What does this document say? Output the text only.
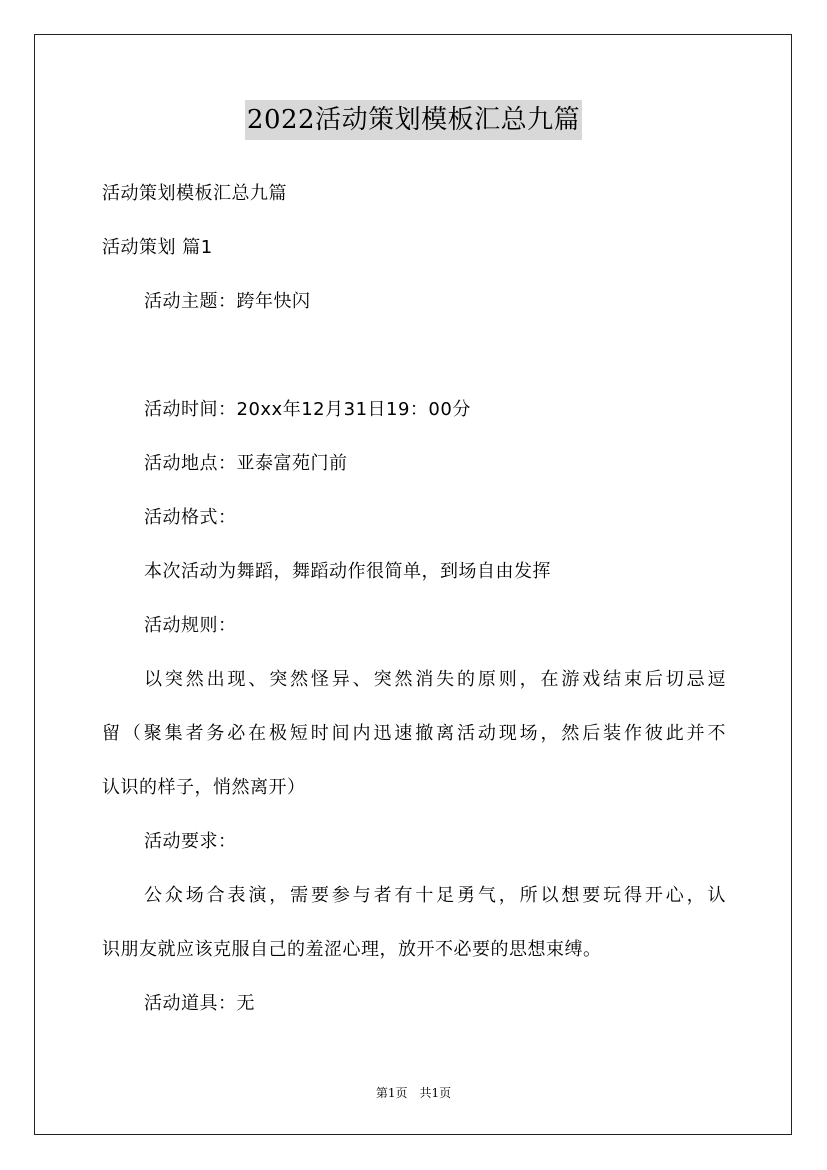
2022活动策划模板汇总九篇
活动策划模板汇总九篇
活动策划 篇1
活动主题：跨年快闪
活动时间：20xx年12月31日19：00分
活动地点：亚泰富苑门前
活动格式：
本次活动为舞蹈，舞蹈动作很简单，到场自由发挥
活动规则：
以突然出现、突然怪异、突然消失的原则，在游戏结束后切忌逗
留（聚集者务必在极短时间内迅速撤离活动现场，然后装作彼此并不
认识的样子，悄然离开）
活动要求：
公众场合表演，需要参与者有十足勇气，所以想要玩得开心，认
识朋友就应该克服自己的羞涩心理，放开不必要的思想束缚。
活动道具：无
第1页　共1页
